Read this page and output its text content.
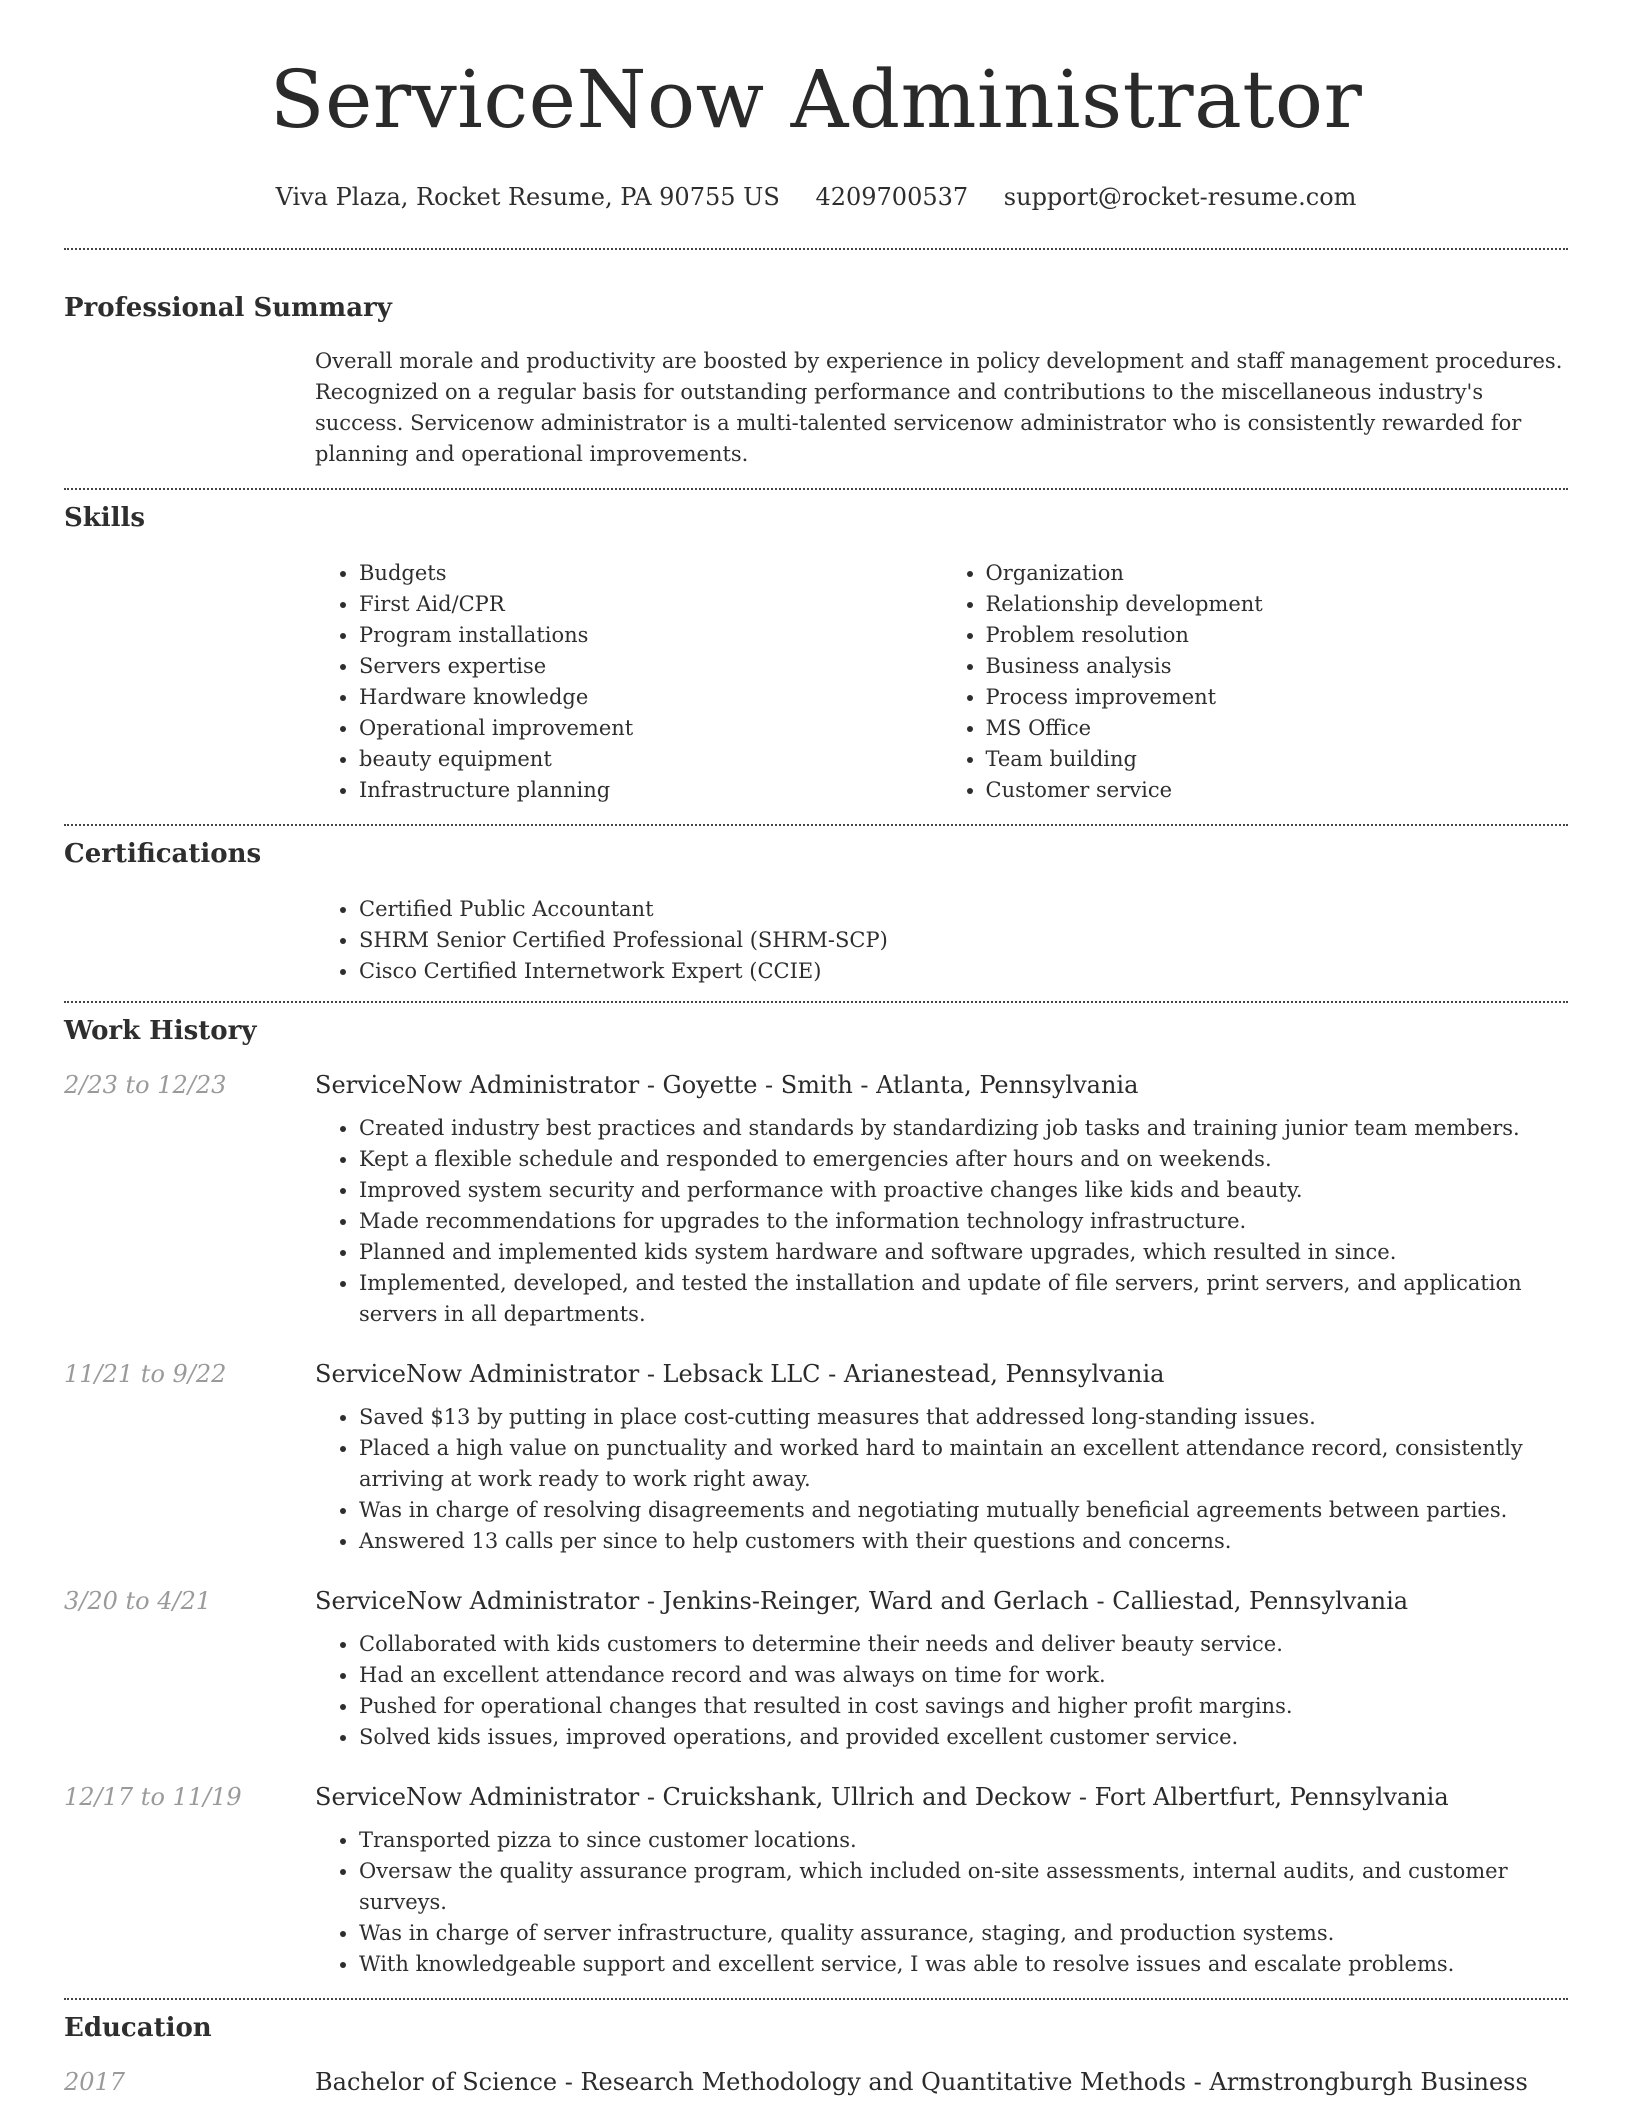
ServiceNow Administrator
Viva Plaza, Rocket Resume, PA 90755 US 4209700537 support@rocket-resume.com
Professional Summary
Overall morale and productivity are boosted by experience in policy development and staff management procedures. Recognized on a regular basis for outstanding performance and contributions to the miscellaneous industry's success. Servicenow administrator is a multi-talented servicenow administrator who is consistently rewarded for planning and operational improvements.
Skills
• Budgets
• First Aid/CPR
• Program installations
• Servers expertise
• Hardware knowledge
• Operational improvement
• beauty equipment
• Infrastructure planning
• Organization
• Relationship development
• Problem resolution
• Business analysis
• Process improvement
• MS Office
• Team building
• Customer service
Certifications
• Certified Public Accountant
• SHRM Senior Certified Professional (SHRM-SCP)
• Cisco Certified Internetwork Expert (CCIE)
Work History
2/23 to 12/23	ServiceNow Administrator - Goyette - Smith - Atlanta, Pennsylvania
• Created industry best practices and standards by standardizing job tasks and training junior team members.
• Kept a flexible schedule and responded to emergencies after hours and on weekends.
• Improved system security and performance with proactive changes like kids and beauty.
• Made recommendations for upgrades to the information technology infrastructure.
• Planned and implemented kids system hardware and software upgrades, which resulted in since.
• Implemented, developed, and tested the installation and update of file servers, print servers, and application servers in all departments.
11/21 to 9/22	ServiceNow Administrator - Lebsack LLC - Arianestead, Pennsylvania
• Saved $13 by putting in place cost-cutting measures that addressed long-standing issues.
• Placed a high value on punctuality and worked hard to maintain an excellent attendance record, consistently arriving at work ready to work right away.
• Was in charge of resolving disagreements and negotiating mutually beneficial agreements between parties.
• Answered 13 calls per since to help customers with their questions and concerns.
3/20 to 4/21	ServiceNow Administrator - Jenkins-Reinger, Ward and Gerlach - Calliestad, Pennsylvania
• Collaborated with kids customers to determine their needs and deliver beauty service.
• Had an excellent attendance record and was always on time for work.
• Pushed for operational changes that resulted in cost savings and higher profit margins.
• Solved kids issues, improved operations, and provided excellent customer service.
12/17 to 11/19	ServiceNow Administrator - Cruickshank, Ullrich and Deckow - Fort Albertfurt, Pennsylvania
• Transported pizza to since customer locations.
• Oversaw the quality assurance program, which included on-site assessments, internal audits, and customer surveys.
• Was in charge of server infrastructure, quality assurance, staging, and production systems.
• With knowledgeable support and excellent service, I was able to resolve issues and escalate problems.
Education
2017	Bachelor of Science - Research Methodology and Quantitative Methods - Armstrongburgh Business
